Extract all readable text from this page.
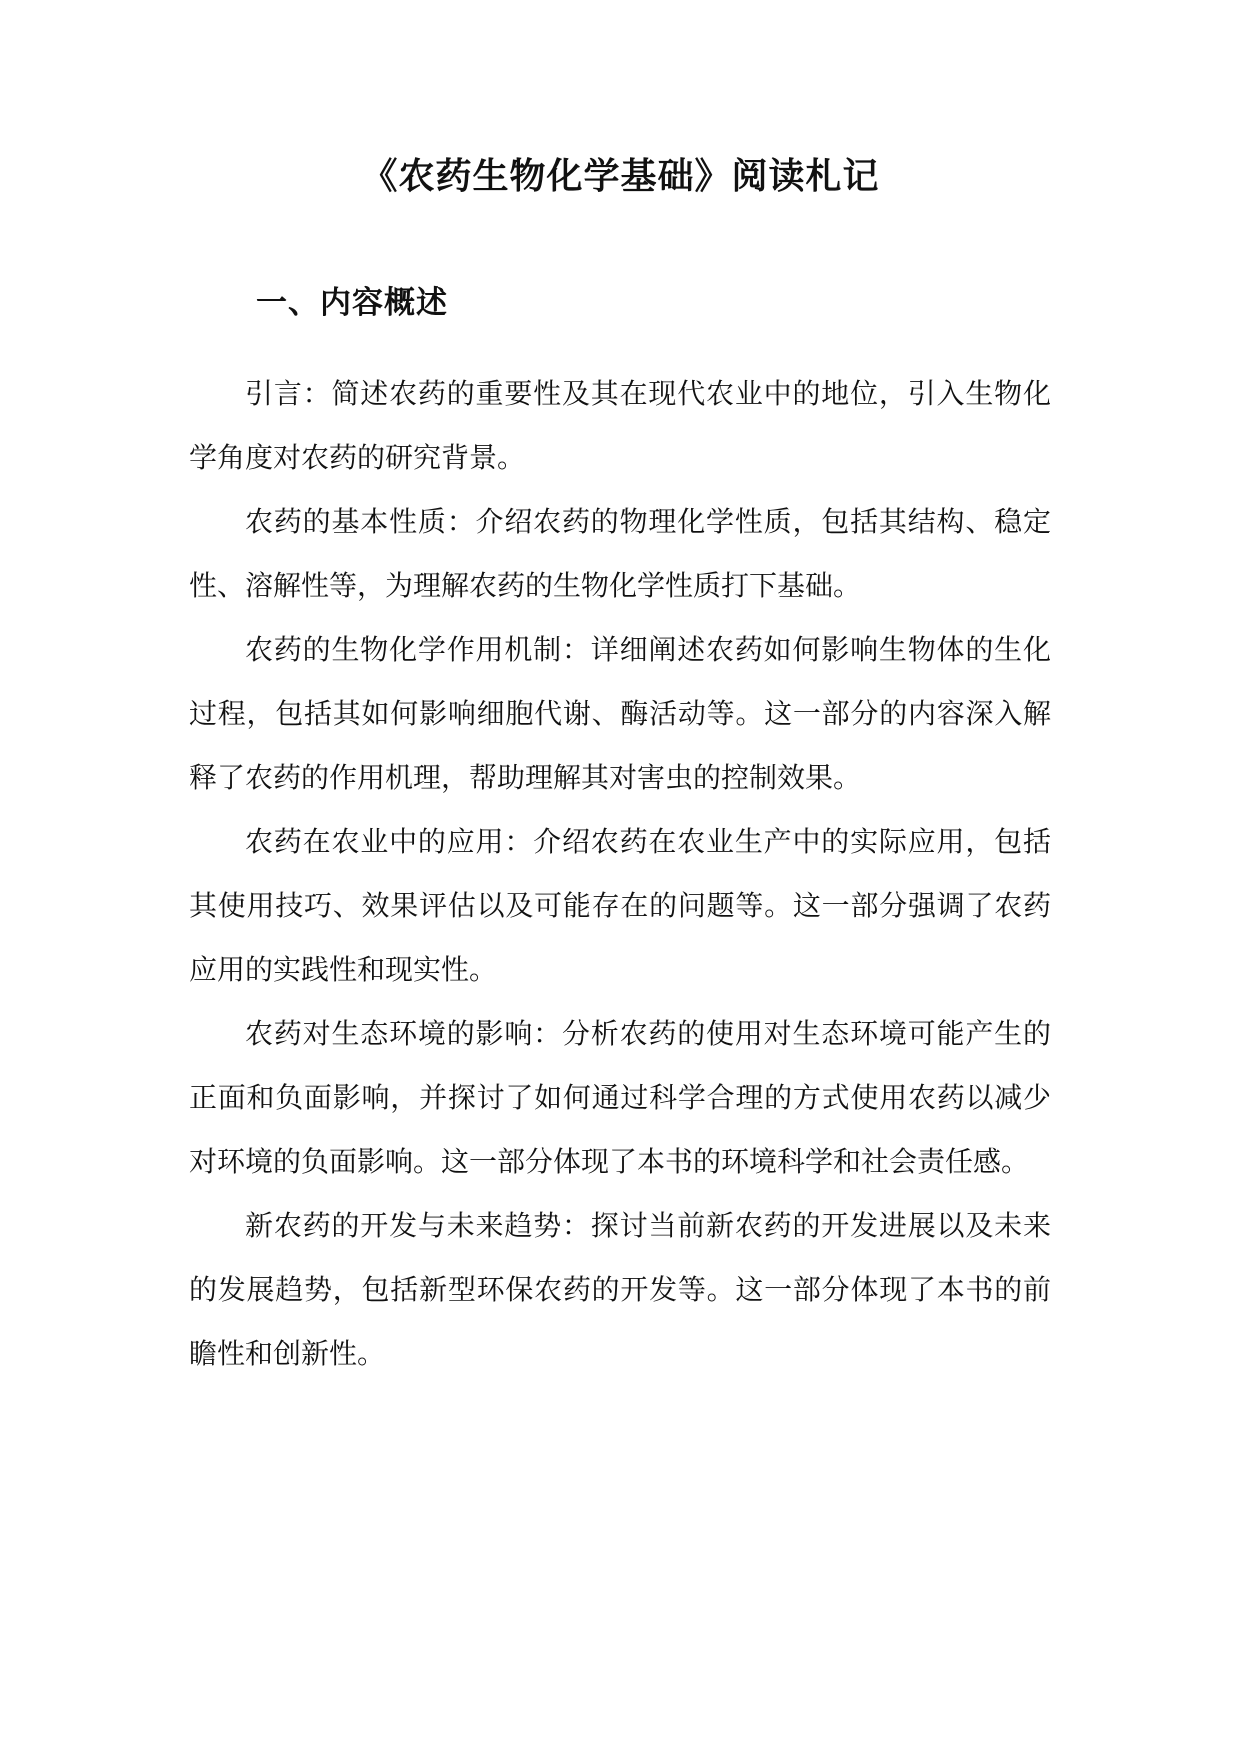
《农药生物化学基础》阅读札记
一、内容概述

引言：简述农药的重要性及其在现代农业中的地位，引入生物化学角度对农药的研究背景。

农药的基本性质：介绍农药的物理化学性质，包括其结构、稳定性、溶解性等，为理解农药的生物化学性质打下基础。

农药的生物化学作用机制：详细阐述农药如何影响生物体的生化过程，包括其如何影响细胞代谢、酶活动等。这一部分的内容深入解释了农药的作用机理，帮助理解其对害虫的控制效果。

农药在农业中的应用：介绍农药在农业生产中的实际应用，包括其使用技巧、效果评估以及可能存在的问题等。这一部分强调了农药应用的实践性和现实性。

农药对生态环境的影响：分析农药的使用对生态环境可能产生的正面和负面影响，并探讨了如何通过科学合理的方式使用农药以减少对环境的负面影响。这一部分体现了本书的环境科学和社会责任感。

新农药的开发与未来趋势：探讨当前新农药的开发进展以及未来的发展趋势，包括新型环保农药的开发等。这一部分体现了本书的前瞻性和创新性。
